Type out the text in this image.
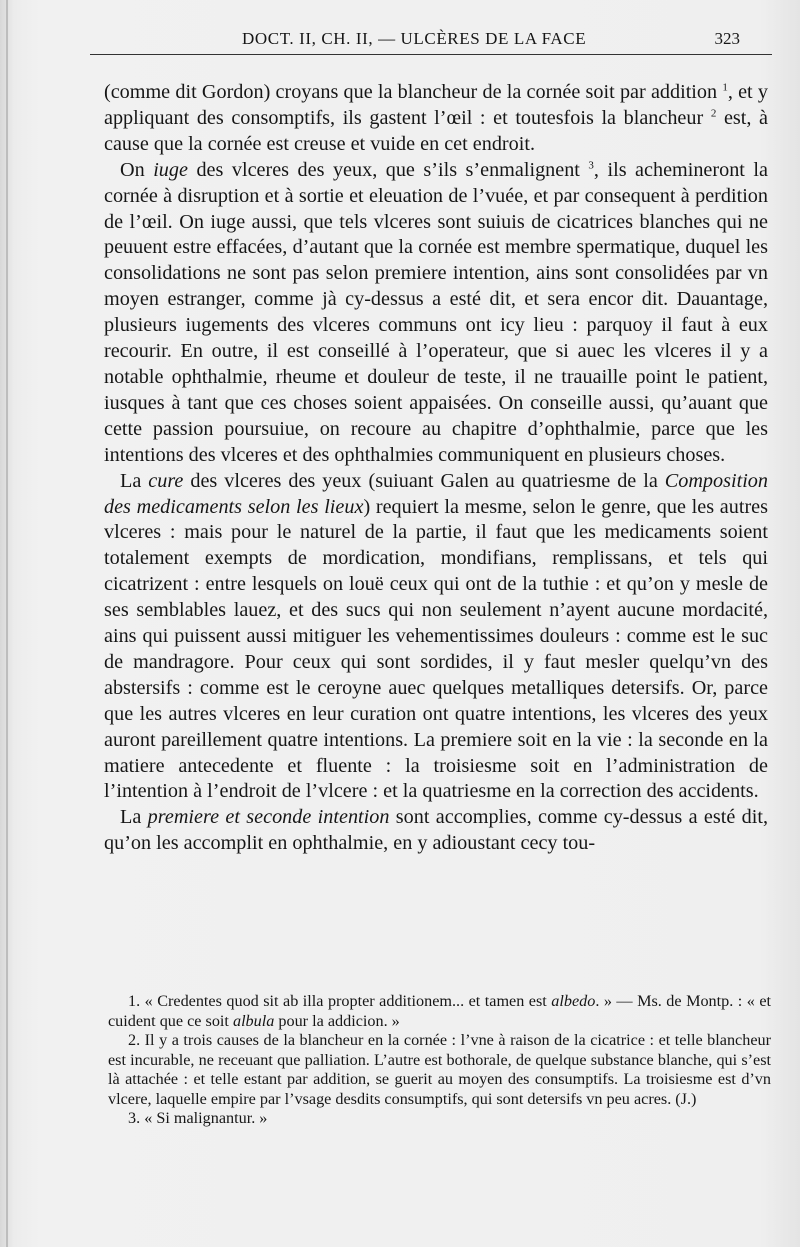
DOCT. II, CH. II, — ULCÈRES DE LA FACE	323

(comme dit Gordon) croyans que la blancheur de la cornée soit par addition $^1$, et y appliquant des consomptifs, ils gastent l’œil : et toutesfois la blancheur $^2$ est, à cause que la cornée est creuse et vuide en cet endroit.

On iuge des vlceres des yeux, que s’ils s’enmalignent $^3$, ils achemineront la cornée à disruption et à sortie et eleuation de l’vuée, et par consequent à perdition de l’œil. On iuge aussi, que tels vlceres sont suiuis de cicatrices blanches qui ne peuuent estre effacées, d’autant que la cornée est membre spermatique, duquel les consolidations ne sont pas selon premiere intention, ains sont consolidées par vn moyen estranger, comme jà cy-dessus a esté dit, et sera encor dit. Dauantage, plusieurs iugements des vlceres communs ont icy lieu : parquoy il faut à eux recourir. En outre, il est conseillé à l’operateur, que si auec les vlceres il y a notable ophthalmie, rheume et douleur de teste, il ne trauaille point le patient, iusques à tant que ces choses soient appaisées. On conseille aussi, qu’auant que cette passion poursuiue, on recoure au chapitre d’ophthalmie, parce que les intentions des vlceres et des ophthalmies communiquent en plusieurs choses.

La cure des vlceres des yeux (suiuant Galen au quatriesme de la Composition des medicaments selon les lieux) requiert la mesme, selon le genre, que les autres vlceres : mais pour le naturel de la partie, il faut que les medicaments soient totalement exempts de mordication, mondifians, remplissans, et tels qui cicatrizent : entre lesquels on louë ceux qui ont de la tuthie : et qu’on y mesle de ses semblables lauez, et des sucs qui non seulement n’ayent aucune mordacité, ains qui puissent aussi mitiguer les vehementissimes douleurs : comme est le suc de mandragore. Pour ceux qui sont sordides, il y faut mesler quelqu’vn des abstersifs : comme est le ceroyne auec quelques metalliques detersifs. Or, parce que les autres vlceres en leur curation ont quatre intentions, les vlceres des yeux auront pareillement quatre intentions. La premiere soit en la vie : la seconde en la matiere antecedente et fluente : la troisiesme soit en l’administration de l’intention à l’endroit de l’vlcere : et la quatriesme en la correction des accidents.

La premiere et seconde intention sont accomplies, comme cy-dessus a esté dit, qu’on les accomplit en ophthalmie, en y adioustant cecy tou-

1. « Credentes quod sit ab illa propter additionem... et tamen est albedo. » — Ms. de Montp. : « et cuident que ce soit albula pour la addicion. »

2. Il y a trois causes de la blancheur en la cornée : l’vne à raison de la cicatrice : et telle blancheur est incurable, ne receuant que palliation. L’autre est bothorale, de quelque substance blanche, qui s’est là attachée : et telle estant par addition, se guerit au moyen des consumptifs. La troisiesme est d’vn vlcere, laquelle empire par l’vsage desdits consumptifs, qui sont detersifs vn peu acres. (J.)

3. « Si malignantur. »
